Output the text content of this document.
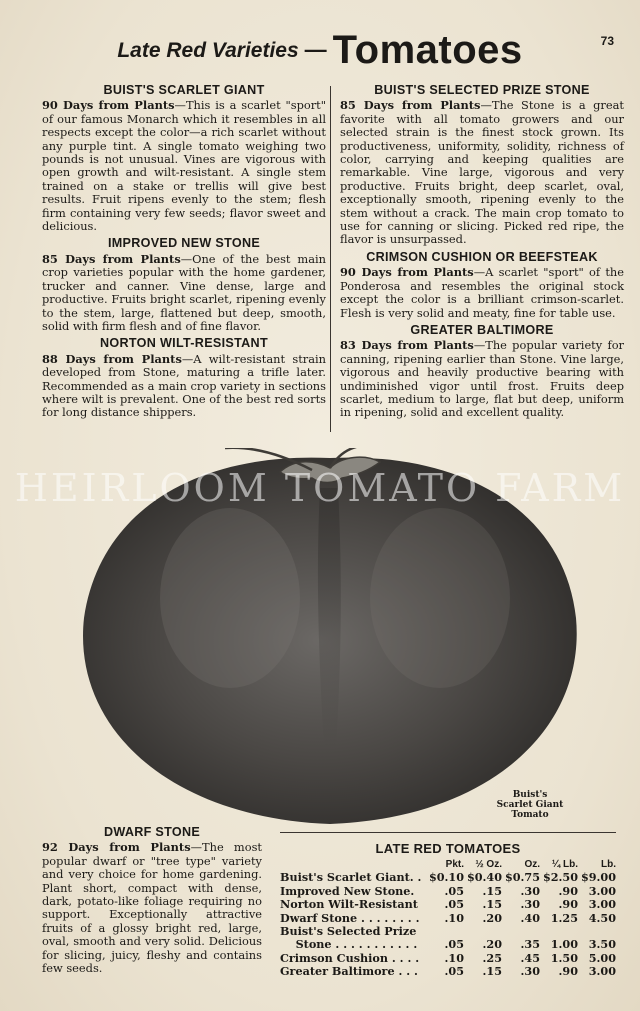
73
Late Red Varieties — Tomatoes
BUIST'S SCARLET GIANT

90 Days from Plants—This is a scarlet "sport" of our famous Monarch which it resembles in all respects except the color—a rich scarlet without any purple tint. A single tomato weighing two pounds is not unusual. Vines are vigorous with open growth and wilt-resistant. A single stem trained on a stake or trellis will give best results. Fruit ripens evenly to the stem; flesh firm containing very few seeds; flavor sweet and delicious.

IMPROVED NEW STONE

85 Days from Plants—One of the best main crop varieties popular with the home gardener, trucker and canner. Vine dense, large and productive. Fruits bright scarlet, ripening evenly to the stem, large, flattened but deep, smooth, solid with firm flesh and of fine flavor.

NORTON WILT-RESISTANT

88 Days from Plants—A wilt-resistant strain developed from Stone, maturing a trifle later. Recommended as a main crop variety in sections where wilt is prevalent. One of the best red sorts for long distance shippers.

BUIST'S SELECTED PRIZE STONE

85 Days from Plants—The Stone is a great favorite with all tomato growers and our selected strain is the finest stock grown. Its productiveness, uniformity, solidity, richness of color, carrying and keeping qualities are remarkable. Vine large, vigorous and very productive. Fruits bright, deep scarlet, oval, exceptionally smooth, ripening evenly to the stem without a crack. The main crop tomato to use for canning or slicing. Picked red ripe, the flavor is unsurpassed.

CRIMSON CUSHION OR BEEFSTEAK

90 Days from Plants—A scarlet "sport" of the Ponderosa and resembles the original stock except the color is a brilliant crimson-scarlet. Flesh is very solid and meaty, fine for table use.

GREATER BALTIMORE

83 Days from Plants—The popular variety for canning, ripening earlier than Stone. Vine large, vigorous and heavily productive bearing with undiminished vigor until frost. Fruits deep scarlet, medium to large, flat but deep, uniform in ripening, solid and excellent quality.

HEIRLOOM TOMATO FARM
Buist's
Scarlet Giant
Tomato
DWARF STONE

92 Days from Plants—The most popular dwarf or "tree type" variety and very choice for home gardening. Plant short, compact with dense, dark, potato-like foliage requiring no support. Exceptionally attractive fruits of a glossy bright red, large, oval, smooth and very solid. Delicious for slicing, juicy, fleshy and contains few seeds.

LATE RED TOMATOES
	Pkt.	½ Oz.	Oz.	¼ Lb.	Lb.
Buist's Scarlet Giant. .	$0.10	$0.40	$0.75	$2.50	$9.00
Improved New Stone.	.05	.15	.30	.90	3.00
Norton Wilt-Resistant	.05	.15	.30	.90	3.00
Dwarf Stone . . . . . . . .	.10	.20	.40	1.25	4.50
Buist's Selected Prize					
Stone . . . . . . . . . . .	.05	.20	.35	1.00	3.50
Crimson Cushion . . . .	.10	.25	.45	1.50	5.00
Greater Baltimore . . .	.05	.15	.30	.90	3.00
